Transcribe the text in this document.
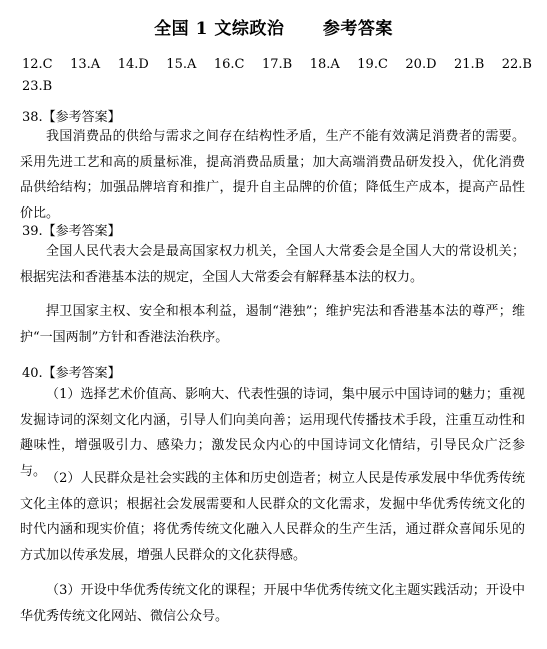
全国 1 文综政治      参考答案
12.C 13.A 14.D 15.A 16.C 17.B 18.A 19.C 20.D 21.B 22.B
23.B
38.【参考答案】
我国消费品的供给与需求之间存在结构性矛盾，生产不能有效满足消费者的需要。采用先进工艺和高的质量标准，提高消费品质量；加大高端消费品研发投入，优化消费品供给结构；加强品牌培育和推广，提升自主品牌的价值；降低生产成本，提高产品性价比。
39.【参考答案】
全国人民代表大会是最高国家权力机关，全国人大常委会是全国人大的常设机关；根据宪法和香港基本法的规定，全国人大常委会有解释基本法的权力。
捍卫国家主权、安全和根本利益，遏制“港独”；维护宪法和香港基本法的尊严；维护“一国两制”方针和香港法治秩序。
40.【参考答案】
（1）选择艺术价值高、影响大、代表性强的诗词，集中展示中国诗词的魅力；重视发掘诗词的深刻文化内涵，引导人们向美向善；运用现代传播技术手段，注重互动性和趣味性，增强吸引力、感染力；激发民众内心的中国诗词文化情结，引导民众广泛参与。 （2）人民群众是社会实践的主体和历史创造者；树立人民是传承发展中华优秀传统文化主体的意识；根据社会发展需要和人民群众的文化需求，发掘中华优秀传统文化的时代内涵和现实价值；将优秀传统文化融入人民群众的生产生活，通过群众喜闻乐见的方式加以传承发展，增强人民群众的文化获得感。
（3）开设中华优秀传统文化的课程；开展中华优秀传统文化主题实践活动；开设中华优秀传统文化网站、微信公众号。
